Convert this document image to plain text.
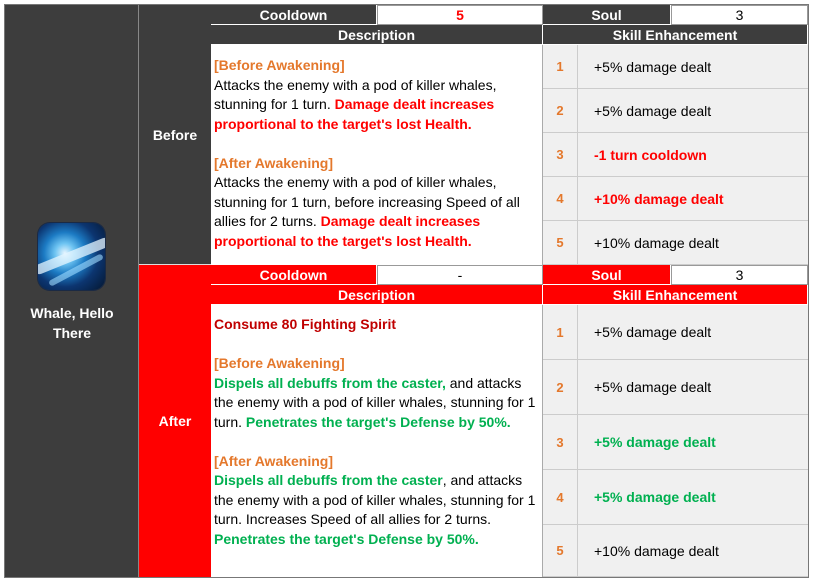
Whale, Hello There
Before
After
Cooldown	5	Soul	3
Description	Skill Enhancement

[Before Awakening]

Attacks the enemy with a pod of killer whales, stunning for 1 turn. Damage dealt increases proportional to the target's lost Health.

[After Awakening]

Attacks the enemy with a pod of killer whales, stunning for 1 turn, before increasing Speed of all allies for 2 turns. Damage dealt increases proportional to the target's lost Health.

1	+5% damage dealt
2	+5% damage dealt
3	-1 turn cooldown
4	+10% damage dealt
5	+10% damage dealt
Cooldown	-	Soul	3
Description	Skill Enhancement

Consume 80 Fighting Spirit

[Before Awakening]

Dispels all debuffs from the caster, and attacks the enemy with a pod of killer whales, stunning for 1 turn. Penetrates the target's Defense by 50%.

[After Awakening]

Dispels all debuffs from the caster, and attacks the enemy with a pod of killer whales, stunning for 1 turn. Increases Speed of all allies for 2 turns. Penetrates the target's Defense by 50%.

1	+5% damage dealt
2	+5% damage dealt
3	+5% damage dealt
4	+5% damage dealt
5	+10% damage dealt
